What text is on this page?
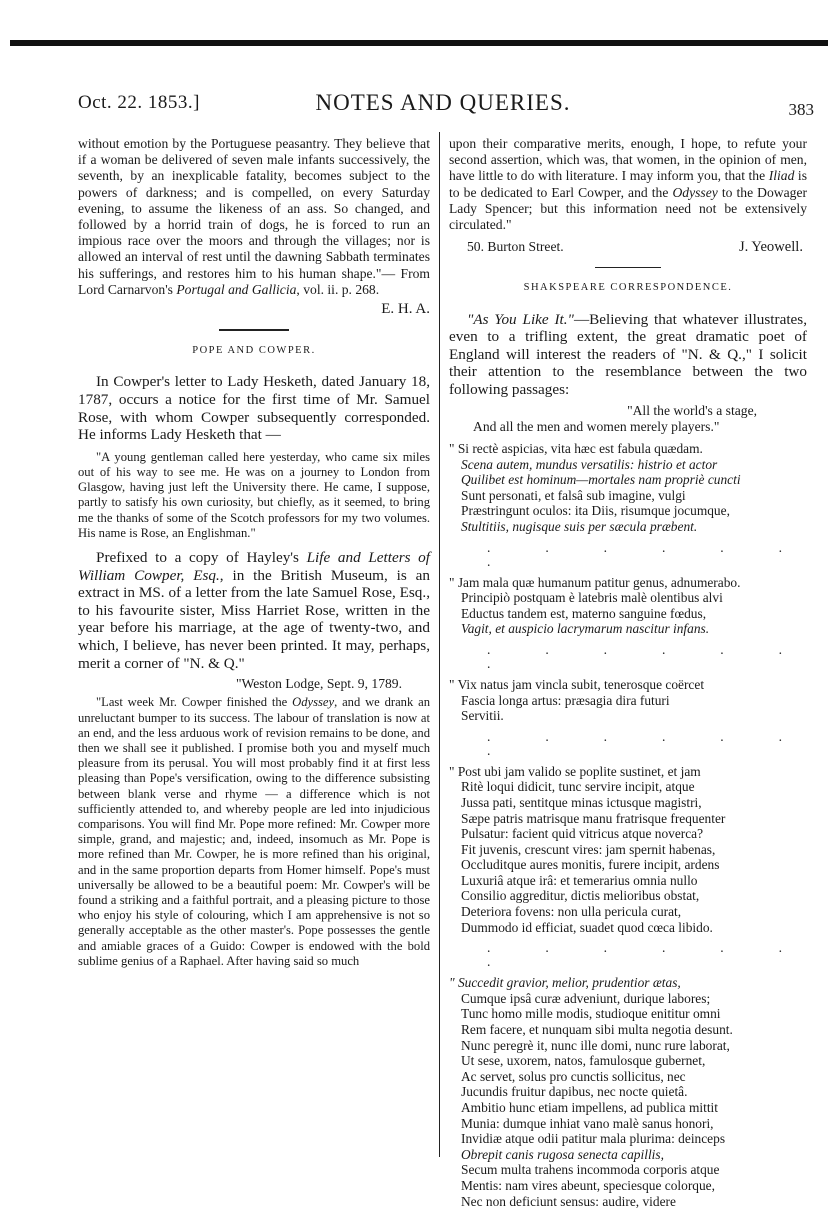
Oct. 22. 1853.]	NOTES AND QUERIES.	383

without emotion by the Portuguese peasantry. They believe that if a woman be delivered of seven male infants successively, the seventh, by an inexplicable fatality, becomes subject to the powers of darkness; and is compelled, on every Saturday evening, to assume the likeness of an ass. So changed, and followed by a horrid train of dogs, he is forced to run an impious race over the moors and through the villages; nor is allowed an interval of rest until the dawning Sabbath terminates his sufferings, and restores him to his human shape."— From Lord Carnarvon's Portugal and Gallicia, vol. ii. p. 268.

E. H. A.
POPE AND COWPER.

In Cowper's letter to Lady Hesketh, dated January 18, 1787, occurs a notice for the first time of Mr. Samuel Rose, with whom Cowper subsequently corresponded. He informs Lady Hesketh that —

"A young gentleman called here yesterday, who came six miles out of his way to see me. He was on a journey to London from Glasgow, having just left the University there. He came, I suppose, partly to satisfy his own curiosity, but chiefly, as it seemed, to bring me the thanks of some of the Scotch professors for my two volumes. His name is Rose, an Englishman."

Prefixed to a copy of Hayley's Life and Letters of William Cowper, Esq., in the British Museum, is an extract in MS. of a letter from the late Samuel Rose, Esq., to his favourite sister, Miss Harriet Rose, written in the year before his marriage, at the age of twenty-two, and which, I believe, has never been printed. It may, perhaps, merit a corner of "N. & Q."

"Weston Lodge, Sept. 9, 1789.

"Last week Mr. Cowper finished the Odyssey, and we drank an unreluctant bumper to its success. The labour of translation is now at an end, and the less arduous work of revision remains to be done, and then we shall see it published. I promise both you and myself much pleasure from its perusal. You will most probably find it at first less pleasing than Pope's versification, owing to the difference subsisting between blank verse and rhyme — a difference which is not sufficiently attended to, and whereby people are led into injudicious comparisons. You will find Mr. Pope more refined: Mr. Cowper more simple, grand, and majestic; and, indeed, insomuch as Mr. Pope is more refined than Mr. Cowper, he is more refined than his original, and in the same proportion departs from Homer himself. Pope's must universally be allowed to be a beautiful poem: Mr. Cowper's will be found a striking and a faithful portrait, and a pleasing picture to those who enjoy his style of colouring, which I am apprehensive is not so generally acceptable as the other master's. Pope possesses the gentle and amiable graces of a Guido: Cowper is endowed with the bold sublime genius of a Raphael. After having said so much

upon their comparative merits, enough, I hope, to refute your second assertion, which was, that women, in the opinion of men, have little to do with literature. I may inform you, that the Iliad is to be dedicated to Earl Cowper, and the Odyssey to the Dowager Lady Spencer; but this information need not be extensively circulated."

50. Burton Street.	J. Yeowell.
SHAKSPEARE CORRESPONDENCE.

"As You Like It."—Believing that whatever illustrates, even to a trifling extent, the great dramatic poet of England will interest the readers of "N. & Q.," I solicit their attention to the resemblance between the two following passages:

"All the world's a stage,
And all the men and women merely players."
" Si rectè aspicias, vita hæc est fabula quædam.
Scena autem, mundus versatilis: histrio et actor
Quilibet est hominum—mortales nam propriè cuncti
Sunt personati, et falsâ sub imagine, vulgi
Præstringunt oculos: ita Diis, risumque jocumque,
Stultitiis, nugisque suis per sæcula præbent.
. . . . . . .
" Jam mala quæ humanum patitur genus, adnumerabo.
Principiò postquam è latebris malè olentibus alvi
Eductus tandem est, materno sanguine fœdus,
Vagit, et auspicio lacrymarum nascitur infans.
. . . . . . .
" Vix natus jam vincla subit, tenerosque coërcet
Fascia longa artus: præsagia dira futuri
Servitii.
. . . . . . .
" Post ubi jam valido se poplite sustinet, et jam
Ritè loqui didicit, tunc servire incipit, atque
Jussa pati, sentitque minas ictusque magistri,
Sæpe patris matrisque manu fratrisque frequenter
Pulsatur: facient quid vitricus atque noverca?
Fit juvenis, crescunt vires: jam spernit habenas,
Occluditque aures monitis, furere incipit, ardens
Luxuriâ atque irâ: et temerarius omnia nullo
Consilio aggreditur, dictis melioribus obstat,
Deteriora fovens: non ulla pericula curat,
Dummodo id efficiat, suadet quod cœca libido.
. . . . . . .
" Succedit gravior, melior, prudentior ætas,
Cumque ipsâ curæ adveniunt, durique labores;
Tunc homo mille modis, studioque enititur omni
Rem facere, et nunquam sibi multa negotia desunt.
Nunc peregrè it, nunc ille domi, nunc rure laborat,
Ut sese, uxorem, natos, famulosque gubernet,
Ac servet, solus pro cunctis sollicitus, nec
Jucundis fruitur dapibus, nec nocte quietâ.
Ambitio hunc etiam impellens, ad publica mittit
Munia: dumque inhiat vano malè sanus honori,
Invidiæ atque odii patitur mala plurima: deinceps
Obrepit canis rugosa senecta capillis,
Secum multa trahens incommoda corporis atque
Mentis: nam vires abeunt, speciesque colorque,
Nec non deficiunt sensus: audire, videre
